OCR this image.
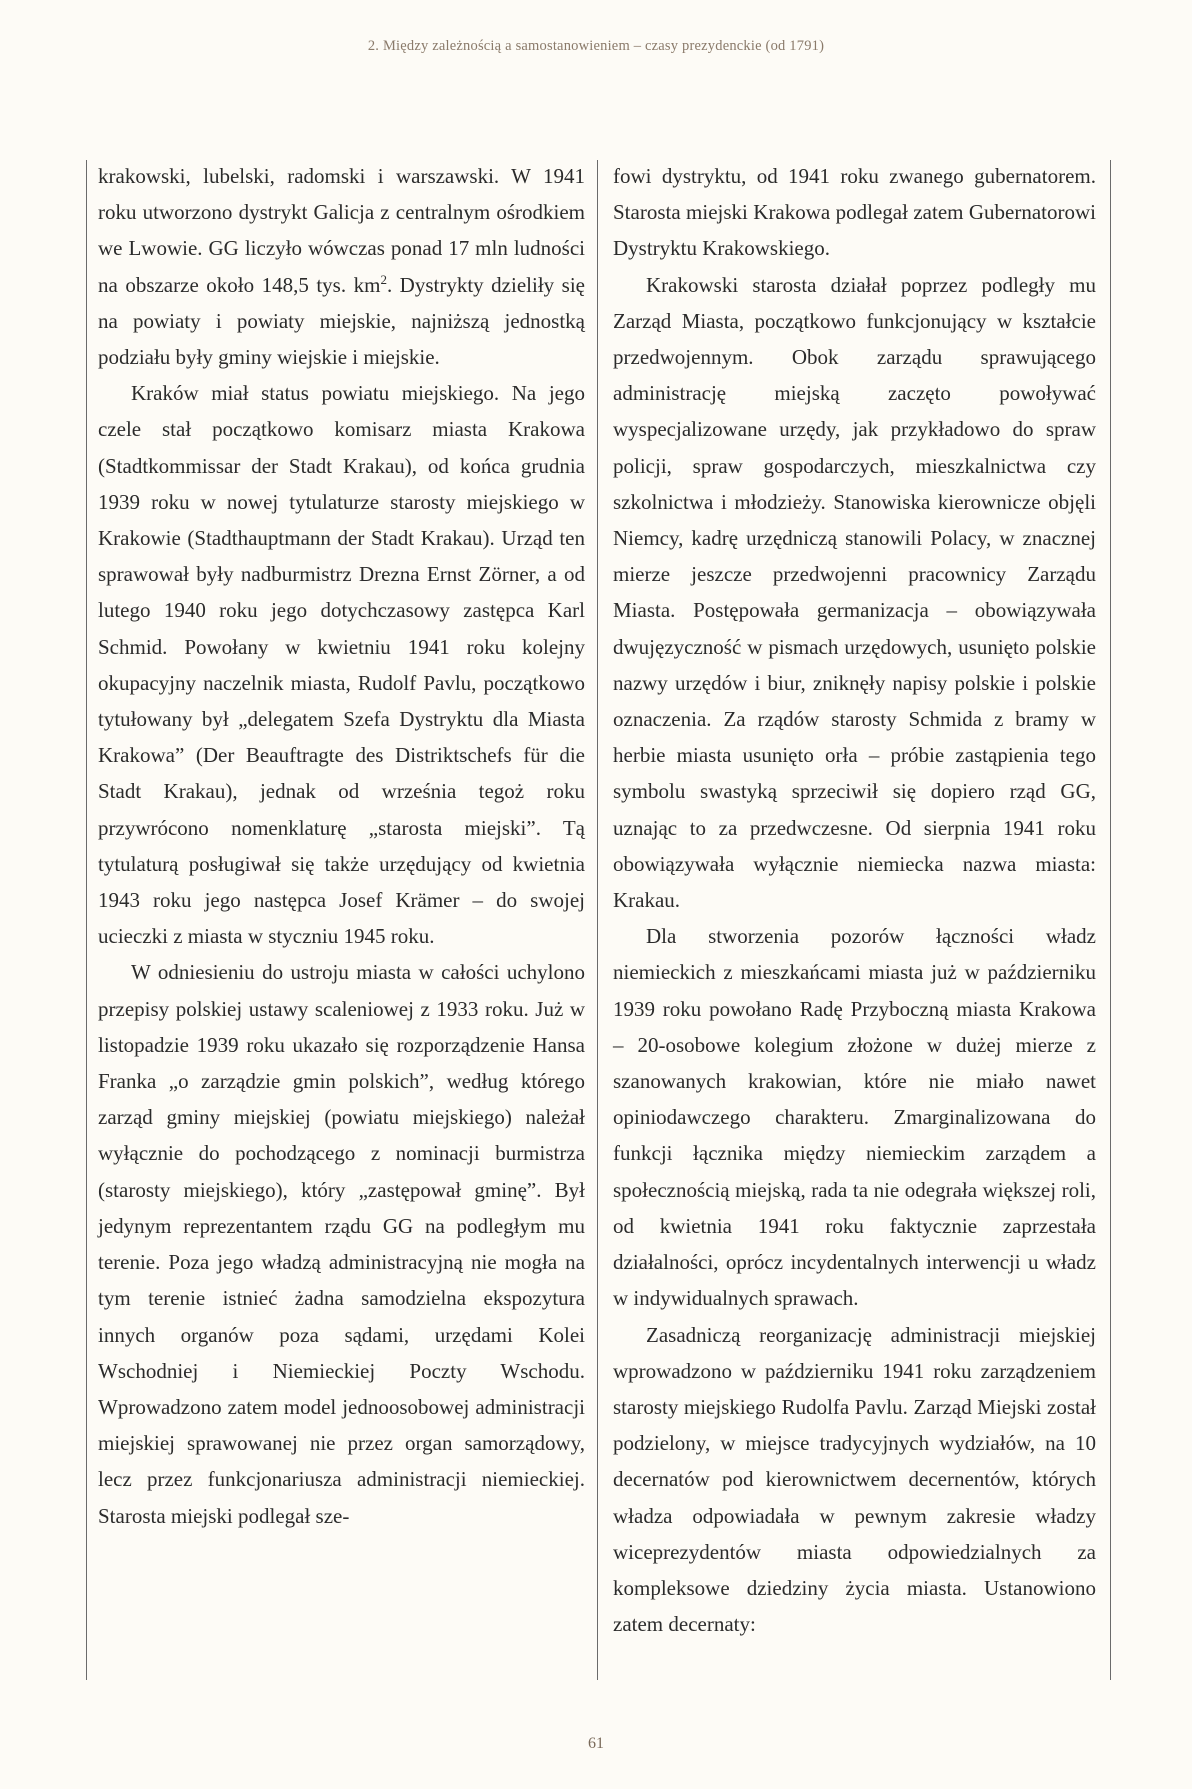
2. Między zależnością a samostanowieniem – czasy prezydenckie (od 1791)

krakowski, lubelski, radomski i warszawski. W 1941 roku utworzono dystrykt Galicja z centralnym ośrodkiem we Lwowie. GG liczyło wówczas ponad 17 mln ludności na obszarze około 148,5 tys. $km^2$. Dystrykty dzieliły się na powiaty i powiaty miejskie, najniższą jednostką podziału były gminy wiejskie i miejskie.

Kraków miał status powiatu miejskiego. Na jego czele stał początkowo komisarz miasta Krakowa (Stadtkommissar der Stadt Krakau), od końca grudnia 1939 roku w nowej tytulaturze starosty miejskiego w Krakowie (Stadthauptmann der Stadt Krakau). Urząd ten sprawował były nadburmistrz Drezna Ernst Zörner, a od lutego 1940 roku jego dotychczasowy zastępca Karl Schmid. Powołany w kwietniu 1941 roku kolejny okupacyjny naczelnik miasta, Rudolf Pavlu, początkowo tytułowany był „delegatem Szefa Dystryktu dla Miasta Krakowa” (Der Beauftragte des Distriktschefs für die Stadt Krakau), jednak od września tegoż roku przywrócono nomenklaturę „starosta miejski”. Tą tytulaturą posługiwał się także urzędujący od kwietnia 1943 roku jego następca Josef Krämer – do swojej ucieczki z miasta w styczniu 1945 roku.

W odniesieniu do ustroju miasta w całości uchylono przepisy polskiej ustawy scaleniowej z 1933 roku. Już w listopadzie 1939 roku ukazało się rozporządzenie Hansa Franka „o zarządzie gmin polskich”, według którego zarząd gminy miejskiej (powiatu miejskiego) należał wyłącznie do pochodzącego z nominacji burmistrza (starosty miejskiego), który „zastępował gminę”. Był jedynym reprezentantem rządu GG na podległym mu terenie. Poza jego władzą administracyjną nie mogła na tym terenie istnieć żadna samodzielna ekspozytura innych organów poza sądami, urzędami Kolei Wschodniej i Niemieckiej Poczty Wschodu. Wprowadzono zatem model jednoosobowej administracji miejskiej sprawowanej nie przez organ samorządowy, lecz przez funkcjonariusza administracji niemieckiej. Starosta miejski podlegał sze-

fowi dystryktu, od 1941 roku zwanego gubernatorem. Starosta miejski Krakowa podlegał zatem Gubernatorowi Dystryktu Krakowskiego.

Krakowski starosta działał poprzez podległy mu Zarząd Miasta, początkowo funkcjonujący w kształcie przedwojennym. Obok zarządu sprawującego administrację miejską zaczęto powoływać wyspecjalizowane urzędy, jak przykładowo do spraw policji, spraw gospodarczych, mieszkalnictwa czy szkolnictwa i młodzieży. Stanowiska kierownicze objęli Niemcy, kadrę urzędniczą stanowili Polacy, w znacznej mierze jeszcze przedwojenni pracownicy Zarządu Miasta. Postępowała germanizacja – obowiązywała dwujęzyczność w pismach urzędowych, usunięto polskie nazwy urzędów i biur, zniknęły napisy polskie i polskie oznaczenia. Za rządów starosty Schmida z bramy w herbie miasta usunięto orła – próbie zastąpienia tego symbolu swastyką sprzeciwił się dopiero rząd GG, uznając to za przedwczesne. Od sierpnia 1941 roku obowiązywała wyłącznie niemiecka nazwa miasta: Krakau.

Dla stworzenia pozorów łączności władz niemieckich z mieszkańcami miasta już w październiku 1939 roku powołano Radę Przyboczną miasta Krakowa – 20-osobowe kolegium złożone w dużej mierze z szanowanych krakowian, które nie miało nawet opiniodawczego charakteru. Zmarginalizowana do funkcji łącznika między niemieckim zarządem a społecznością miejską, rada ta nie odegrała większej roli, od kwietnia 1941 roku faktycznie zaprzestała działalności, oprócz incydentalnych interwencji u władz w indywidualnych sprawach.

Zasadniczą reorganizację administracji miejskiej wprowadzono w październiku 1941 roku zarządzeniem starosty miejskiego Rudolfa Pavlu. Zarząd Miejski został podzielony, w miejsce tradycyjnych wydziałów, na 10 decernatów pod kierownictwem decernentów, których władza odpowiadała w pewnym zakresie władzy wiceprezydentów miasta odpowiedzialnych za kompleksowe dziedziny życia miasta. Ustanowiono zatem decernaty:

61
